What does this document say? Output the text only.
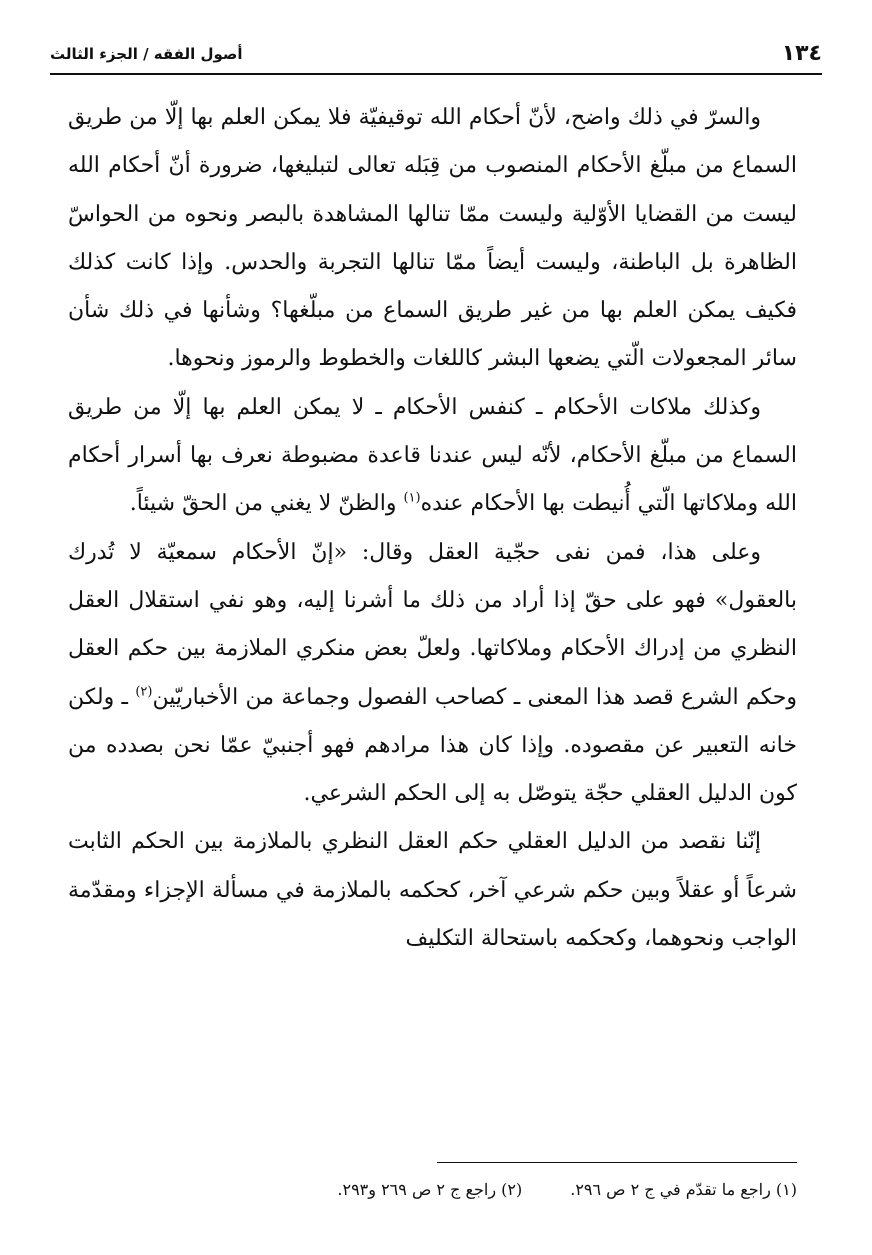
١٣٤
أصول الفقه / الجزء الثالث

والسرّ في ذلك واضح، لأنّ أحكام الله توقيفيّة فلا يمكن العلم بها إلّا من طريق السماع من مبلّغ الأحكام المنصوب من قِبَله تعالى لتبليغها، ضرورة أنّ أحكام الله ليست من القضايا الأوّلية وليست ممّا تنالها المشاهدة بالبصر ونحوه من الحواسّ الظاهرة بل الباطنة، وليست أيضاً ممّا تنالها التجربة والحدس. وإذا كانت كذلك فكيف يمكن العلم بها من غير طريق السماع من مبلّغها؟ وشأنها في ذلك شأن سائر المجعولات الّتي يضعها البشر كاللغات والخطوط والرموز ونحوها.

وكذلك ملاكات الأحكام ـ كنفس الأحكام ـ لا يمكن العلم بها إلّا من طريق السماع من مبلّغ الأحكام، لأنّه ليس عندنا قاعدة مضبوطة نعرف بها أسرار أحكام الله وملاكاتها الّتي أُنيطت بها الأحكام عنده$^{(١)}$ والظنّ لا يغني من الحقّ شيئاً.

وعلى هذا، فمن نفى حجّية العقل وقال: «إنّ الأحكام سمعيّة لا تُدرك بالعقول» فهو على حقّ إذا أراد من ذلك ما أشرنا إليه، وهو نفي استقلال العقل النظري من إدراك الأحكام وملاكاتها. ولعلّ بعض منكري الملازمة بين حكم العقل وحكم الشرع قصد هذا المعنى ـ كصاحب الفصول وجماعة من الأخباريّين$^{(٢)}$ ـ ولكن خانه التعبير عن مقصوده. وإذا كان هذا مرادهم فهو أجنبيّ عمّا نحن بصدده من كون الدليل العقلي حجّة يتوصّل به إلى الحكم الشرعي.

إنّنا نقصد من الدليل العقلي حكم العقل النظري بالملازمة بين الحكم الثابت شرعاً أو عقلاً وبين حكم شرعي آخر، كحكمه بالملازمة في مسألة الإجزاء ومقدّمة الواجب ونحوهما، وكحكمه باستحالة التكليف

(١) راجع ما تقدّم في ج ٢ ص ٢٩٦.
(٢) راجع ج ٢ ص ٢٦٩ و٢٩٣.
